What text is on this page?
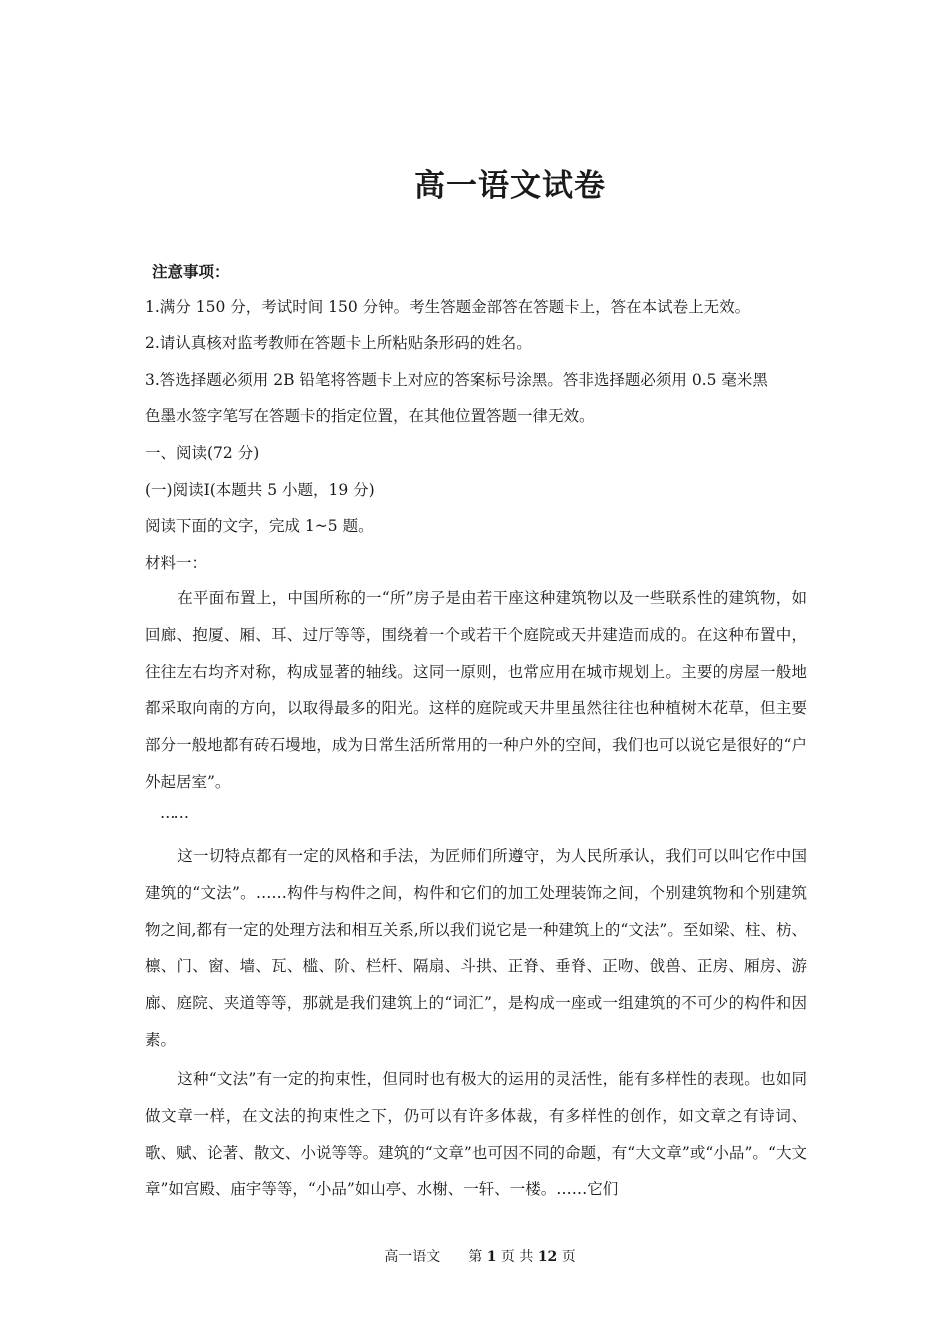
高一语文试卷
注意事项：
1.满分 150 分，考试时间 150 分钟。考生答题金部答在答题卡上，答在本试卷上无效。
2.请认真核对监考教师在答题卡上所粘贴条形码的姓名。
3.答选择题必须用 2B 铅笔将答题卡上对应的答案标号涂黑。答非选择题必须用 0.5 毫米黑
色墨水签字笔写在答题卡的指定位置，在其他位置答题一律无效。
一、阅读(72 分)
(一)阅读Ⅰ(本题共 5 小题，19 分)
阅读下面的文字，完成 1~5 题。
材料一：

在平面布置上，中国所称的一“所”房子是由若干座这种建筑物以及一些联系性的建筑物，如回廊、抱厦、厢、耳、过厅等等，围绕着一个或若干个庭院或天井建造而成的。在这种布置中，往往左右均齐对称，构成显著的轴线。这同一原则，也常应用在城市规划上。主要的房屋一般地都采取向南的方向，以取得最多的阳光。这样的庭院或天井里虽然往往也种植树木花草，但主要部分一般地都有砖石墁地，成为日常生活所常用的一种户外的空间，我们也可以说它是很好的“户外起居室”。

……

这一切特点都有一定的风格和手法，为匠师们所遵守，为人民所承认，我们可以叫它作中国建筑的“文法”。……构件与构件之间，构件和它们的加工处理装饰之间，个别建筑物和个别建筑物之间,都有一定的处理方法和相互关系,所以我们说它是一种建筑上的“文法”。至如梁、柱、枋、檩、门、窗、墙、瓦、槛、阶、栏杆、隔扇、斗拱、正脊、垂脊、正吻、戗兽、正房、厢房、游廊、庭院、夹道等等，那就是我们建筑上的“词汇”，是构成一座或一组建筑的不可少的构件和因素。

这种“文法”有一定的拘束性，但同时也有极大的运用的灵活性，能有多样性的表现。也如同做文章一样，在文法的拘束性之下，仍可以有许多体裁，有多样性的创作，如文章之有诗词、歌、赋、论著、散文、小说等等。建筑的“文章”也可因不同的命题，有“大文章”或“小品”。“大文章”如宫殿、庙宇等等，“小品”如山亭、水榭、一轩、一楼。……它们

高一语文 第 1 页 共 12 页
